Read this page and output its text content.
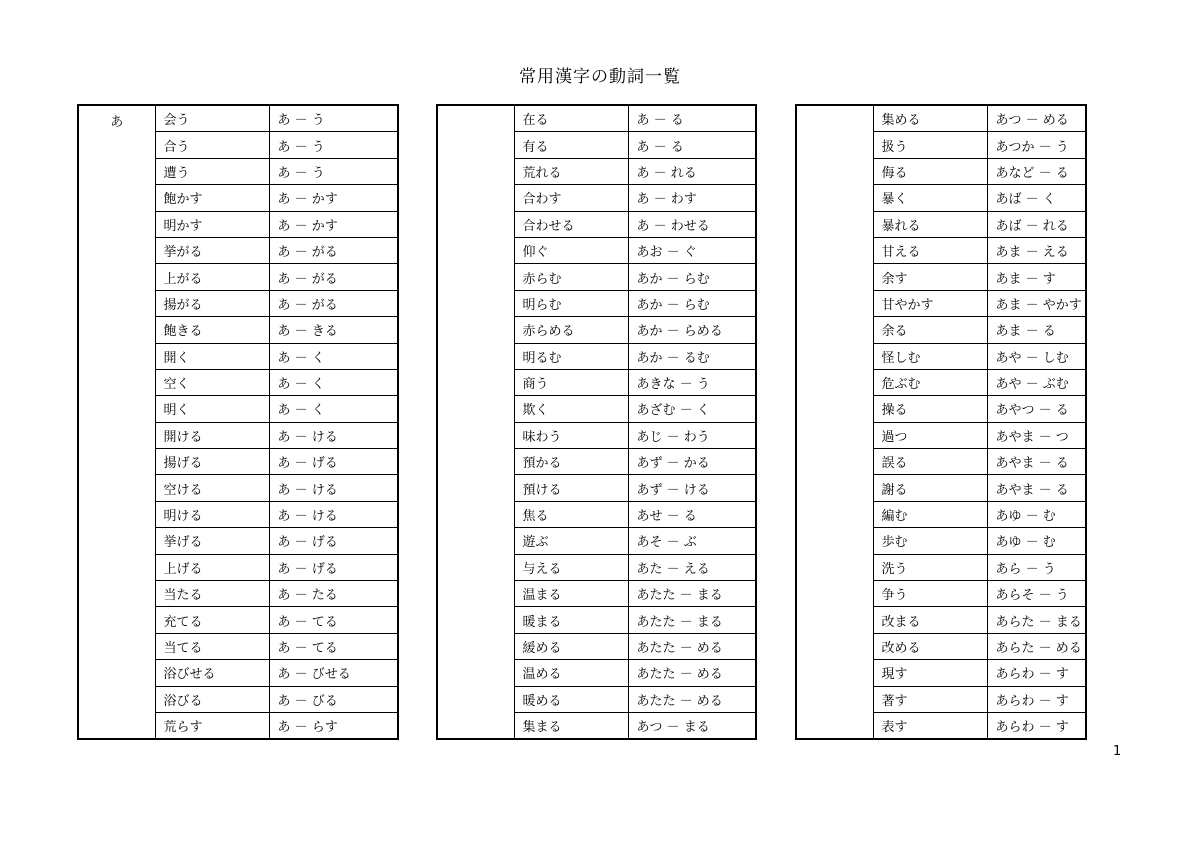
常用漢字の動詞一覧
あ	会う	あ － う
	合う	あ － う
	遭う	あ － う
	飽かす	あ － かす
	明かす	あ － かす
	挙がる	あ － がる
	上がる	あ － がる
	揚がる	あ － がる
	飽きる	あ － きる
	開く	あ － く
	空く	あ － く
	明く	あ － く
	開ける	あ － ける
	揚げる	あ － げる
	空ける	あ － ける
	明ける	あ － ける
	挙げる	あ － げる
	上げる	あ － げる
	当たる	あ － たる
	充てる	あ － てる
	当てる	あ － てる
	浴びせる	あ － びせる
	浴びる	あ － びる
	荒らす	あ － らす
	在る	あ － る
	有る	あ － る
	荒れる	あ － れる
	合わす	あ － わす
	合わせる	あ － わせる
	仰ぐ	あお － ぐ
	赤らむ	あか － らむ
	明らむ	あか － らむ
	赤らめる	あか － らめる
	明るむ	あか － るむ
	商う	あきな － う
	欺く	あざむ － く
	味わう	あじ － わう
	預かる	あず － かる
	預ける	あず － ける
	焦る	あせ － る
	遊ぶ	あそ － ぶ
	与える	あた － える
	温まる	あたた － まる
	暖まる	あたた － まる
	緩める	あたた － める
	温める	あたた － める
	暖める	あたた － める
	集まる	あつ － まる
	集める	あつ － める
	扱う	あつか － う
	侮る	あなど － る
	暴く	あば － く
	暴れる	あば － れる
	甘える	あま － える
	余す	あま － す
	甘やかす	あま － やかす
	余る	あま － る
	怪しむ	あや － しむ
	危ぶむ	あや － ぶむ
	操る	あやつ － る
	過つ	あやま － つ
	誤る	あやま － る
	謝る	あやま － る
	編む	あゆ － む
	歩む	あゆ － む
	洗う	あら － う
	争う	あらそ － う
	改まる	あらた － まる
	改める	あらた － める
	現す	あらわ － す
	著す	あらわ － す
	表す	あらわ － す
1
